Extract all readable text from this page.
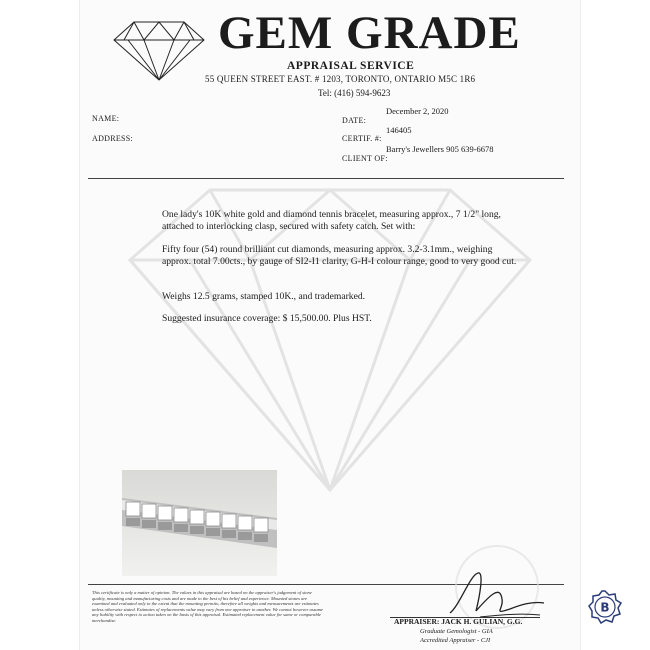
GEM GRADE
APPRAISAL SERVICE
55 QUEEN STREET EAST. # 1203, TORONTO, ONTARIO M5C 1R6
Tel: (416) 594-9623
NAME:
ADDRESS:
DATE:
December 2, 2020
CERTIF. #:
146405
CLIENT OF:
Barry's Jewellers 905 639-6678

One lady's 10K white gold and diamond tennis bracelet, measuring approx., 7 1/2" long, attached to interlocking clasp, secured with safety catch. Set with:

Fifty four (54) round brilliant cut diamonds, measuring approx. 3.2-3.1mm., weighing approx. total 7.00cts., by gauge of SI2-I1 clarity, G-H-I colour range, good to very good cut.

Weighs 12.5 grams, stamped 10K., and trademarked.

Suggested insurance coverage: $ 15,500.00. Plus HST.

This certificate is only a matter of opinion. The values in this appraisal are based on the appraiser's judgement of stone quality, mounting and manufacturing costs and are made to the best of his belief and experience. Mounted stones are examined and evaluated only to the extent that the mounting permits; therefore all weights and measurements are estimates unless otherwise stated. Estimates of replacements value may vary from one appraiser to another. We cannot however assume any liability with respect to action taken on the basis of this appraisal. Estimated replacement value for same or comparable merchandise.	APPRAISER: JACK H. GULIAN, G.G.
Graduate Gemologist - GIA
Accredited Appraiser - CJI
B
